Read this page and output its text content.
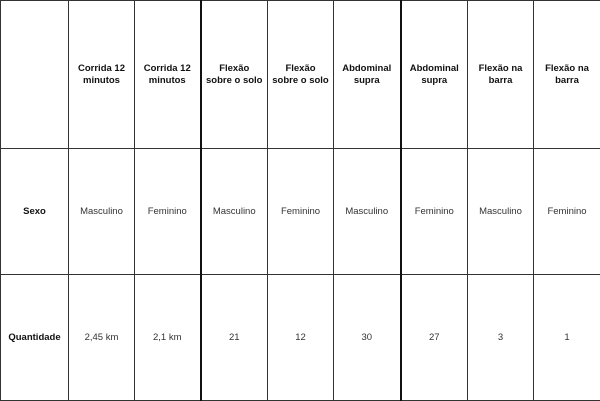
	Corrida 12 minutos	Corrida 12 minutos	Flexão sobre o solo	Flexão sobre o solo	Abdominal supra	Abdominal supra	Flexão na barra	Flexão na barra
Sexo	Masculino	Feminino	Masculino	Feminino	Masculino	Feminino	Masculino	Feminino
Quantidade	2,45 km	2,1 km	21	12	30	27	3	1
